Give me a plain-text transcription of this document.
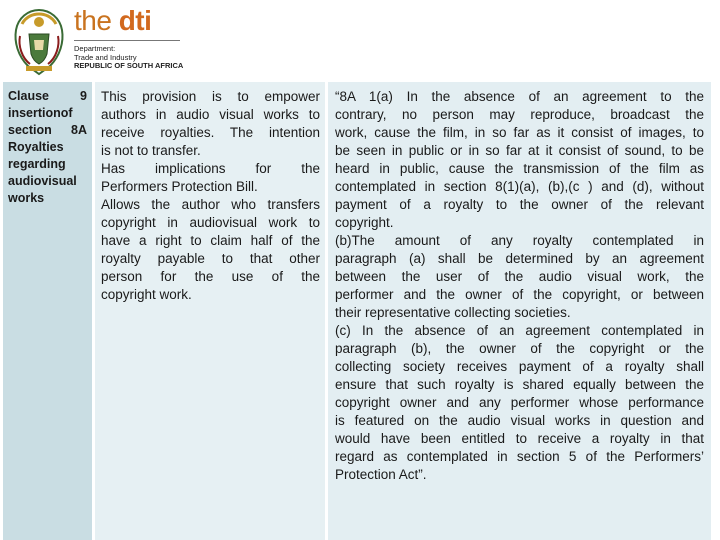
the dti
Department:
Trade and Industry
REPUBLIC OF SOUTH AFRICA

Clause 9 insertionof section 8A Royalties regarding audiovisual works

This provision is to empower
authors in audio visual works to
receive royalties. The intention
is not to transfer.
Has implications for the
Performers Protection Bill.
Allows the author who transfers
copyright in audiovisual work to
have a right to claim half of the
royalty payable to that other
person for the use of the
copyright work.
“8A 1(a) In the absence of an agreement to the
contrary, no person may reproduce, broadcast the
work, cause the film, in so far as it consist of images, to
be seen in public or in so far at it consist of sound, to be
heard in public, cause the transmission of the film as
contemplated in section 8(1)(a), (b),(c ) and (d), without
payment of a royalty to the owner of the relevant
copyright.
(b)The amount of any royalty contemplated in
paragraph (a) shall be determined by an agreement
between the user of the audio visual work, the
performer and the owner of the copyright, or between
their representative collecting societies.
(c) In the absence of an agreement contemplated in
paragraph (b), the owner of the copyright or the
collecting society receives payment of a royalty shall
ensure that such royalty is shared equally between the
copyright owner and any performer whose performance
is featured on the audio visual works in question and
would have been entitled to receive a royalty in that
regard as contemplated in section 5 of the Performers’
Protection Act”.
